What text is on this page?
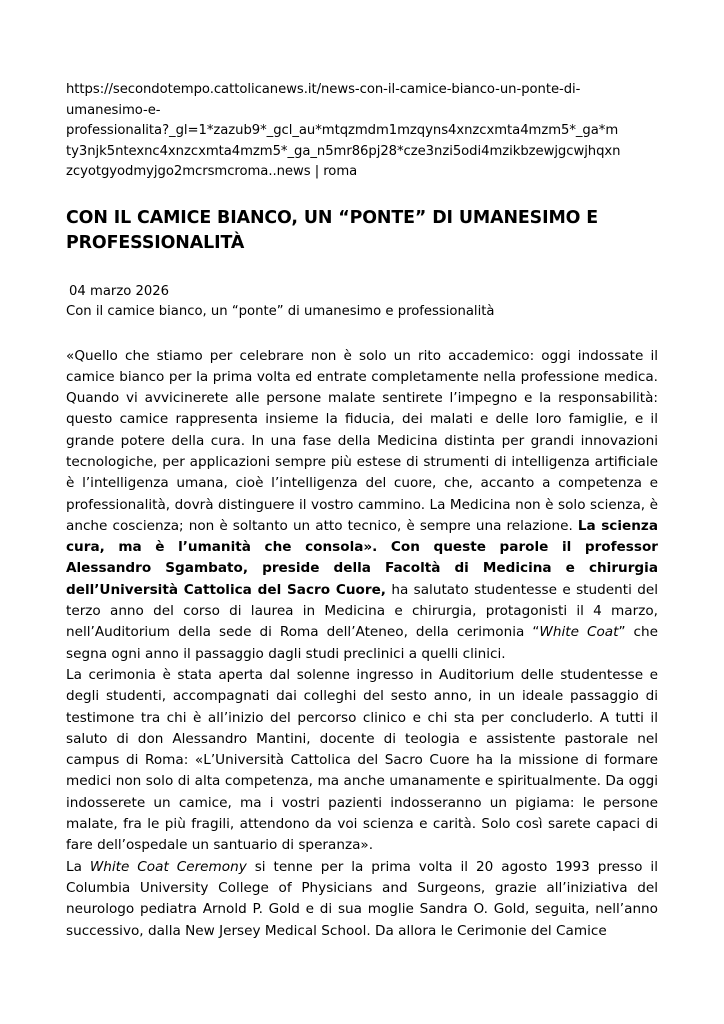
https://secondotempo.cattolicanews.it/news-con-il-camice-bianco-un-ponte-di-
umanesimo-e-
professionalita?_gl=1*zazub9*_gcl_au*mtqzmdm1mzqyns4xnzcxmta4mzm5*_ga*m
ty3njk5ntexnc4xnzcxmta4mzm5*_ga_n5mr86pj28*cze3nzi5odi4mzikbzewjgcwjhqxn
zcyotgyodmyjgo2mcrsmcroma..news | roma
CON IL CAMICE BIANCO, UN “PONTE” DI UMANESIMO E PROFESSIONALITÀ

04 marzo 2026

Con il camice bianco, un “ponte” di umanesimo e professionalità

«Quello che stiamo per celebrare non è solo un rito accademico: oggi indossate il camice bianco per la prima volta ed entrate completamente nella professione medica. Quando vi avvicinerete alle persone malate sentirete l’impegno e la responsabilità: questo camice rappresenta insieme la fiducia, dei malati e delle loro famiglie, e il grande potere della cura. In una fase della Medicina distinta per grandi innovazioni tecnologiche, per applicazioni sempre più estese di strumenti di intelligenza artificiale è l’intelligenza umana, cioè l’intelligenza del cuore, che, accanto a competenza e professionalità, dovrà distinguere il vostro cammino. La Medicina non è solo scienza, è anche coscienza; non è soltanto un atto tecnico, è sempre una relazione. La scienza cura, ma è l’umanità che consola». Con queste parole il professor Alessandro Sgambato, preside della Facoltà di Medicina e chirurgia dell’Università Cattolica del Sacro Cuore, ha salutato studentesse e studenti del terzo anno del corso di laurea in Medicina e chirurgia, protagonisti il 4 marzo, nell’Auditorium della sede di Roma dell’Ateneo, della cerimonia “White Coat” che segna ogni anno il passaggio dagli studi preclinici a quelli clinici.

La cerimonia è stata aperta dal solenne ingresso in Auditorium delle studentesse e degli studenti, accompagnati dai colleghi del sesto anno, in un ideale passaggio di testimone tra chi è all’inizio del percorso clinico e chi sta per concluderlo. A tutti il saluto di don Alessandro Mantini, docente di teologia e assistente pastorale nel campus di Roma: «L’Università Cattolica del Sacro Cuore ha la missione di formare medici non solo di alta competenza, ma anche umanamente e spiritualmente. Da oggi indosserete un camice, ma i vostri pazienti indosseranno un pigiama: le persone malate, fra le più fragili, attendono da voi scienza e carità. Solo così sarete capaci di fare dell’ospedale un santuario di speranza».

La White Coat Ceremony si tenne per la prima volta il 20 agosto 1993 presso il Columbia University College of Physicians and Surgeons, grazie all’iniziativa del neurologo pediatra Arnold P. Gold e di sua moglie Sandra O. Gold, seguita, nell’anno successivo, dalla New Jersey Medical School. Da allora le Cerimonie del Camice
